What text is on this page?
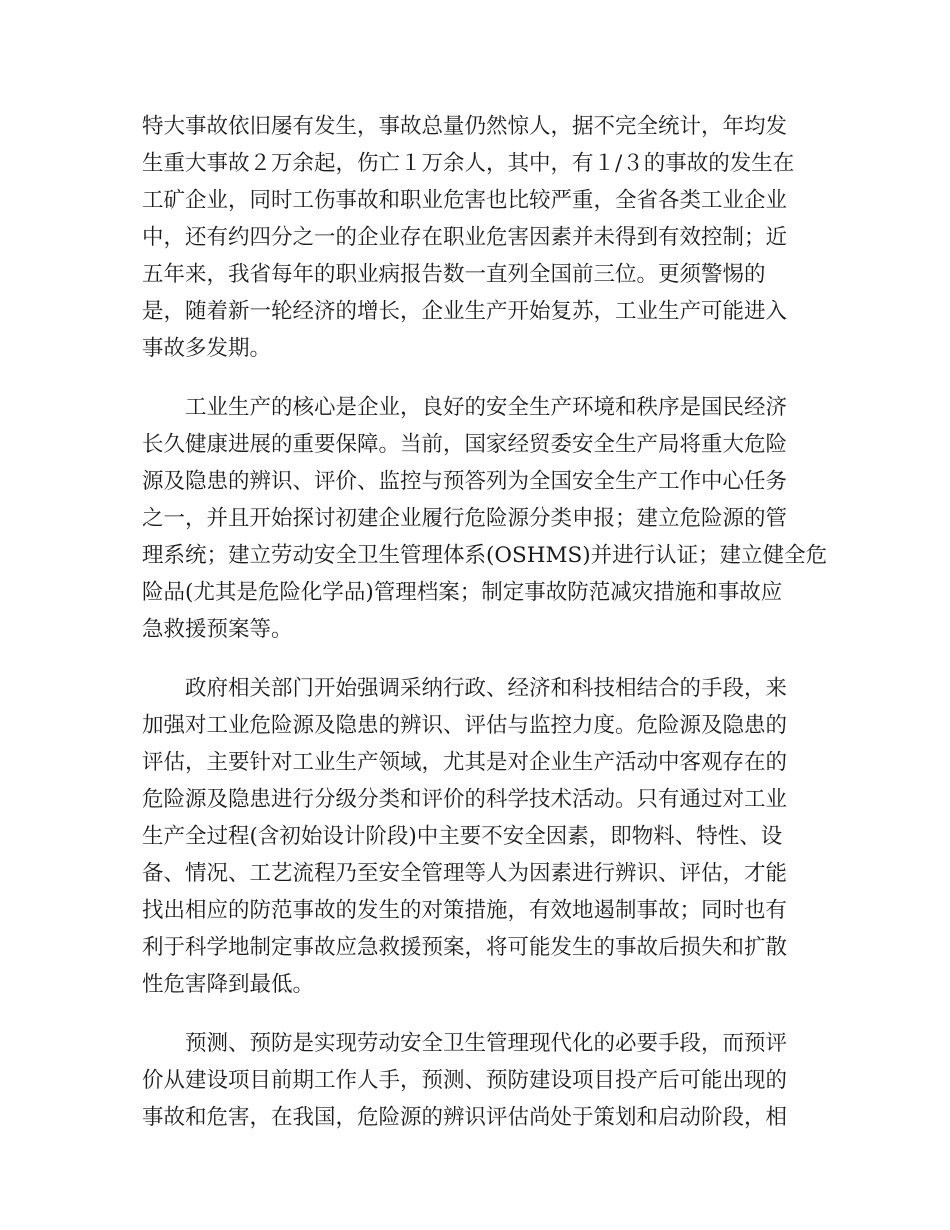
特大事故依旧屡有发生，事故总量仍然惊人，据不完全统计，年均发
生重大事故２万余起，伤亡１万余人，其中，有１/３的事故的发生在
工矿企业，同时工伤事故和职业危害也比较严重，全省各类工业企业
中，还有约四分之一的企业存在职业危害因素并未得到有效控制；近
五年来，我省每年的职业病报告数一直列全国前三位。更须警惕的
是，随着新一轮经济的增长，企业生产开始复苏，工业生产可能进入
事故多发期。

工业生产的核心是企业，良好的安全生产环境和秩序是国民经济
长久健康进展的重要保障。当前，国家经贸委安全生产局将重大危险
源及隐患的辨识、评价、监控与预答列为全国安全生产工作中心任务
之一，并且开始探讨初建企业履行危险源分类申报；建立危险源的管
理系统；建立劳动安全卫生管理体系(OSHMS)并进行认证；建立健全危
险品(尤其是危险化学品)管理档案；制定事故防范减灾措施和事故应
急救援预案等。

政府相关部门开始强调采纳行政、经济和科技相结合的手段，来
加强对工业危险源及隐患的辨识、评估与监控力度。危险源及隐患的
评估，主要针对工业生产领域，尤其是对企业生产活动中客观存在的
危险源及隐患进行分级分类和评价的科学技术活动。只有通过对工业
生产全过程(含初始设计阶段)中主要不安全因素，即物料、特性、设
备、情况、工艺流程乃至安全管理等人为因素进行辨识、评估，才能
找出相应的防范事故的发生的对策措施，有效地遏制事故；同时也有
利于科学地制定事故应急救援预案，将可能发生的事故后损失和扩散
性危害降到最低。

预测、预防是实现劳动安全卫生管理现代化的必要手段，而预评
价从建设项目前期工作人手，预测、预防建设项目投产后可能出现的
事故和危害，在我国，危险源的辨识评估尚处于策划和启动阶段，相
